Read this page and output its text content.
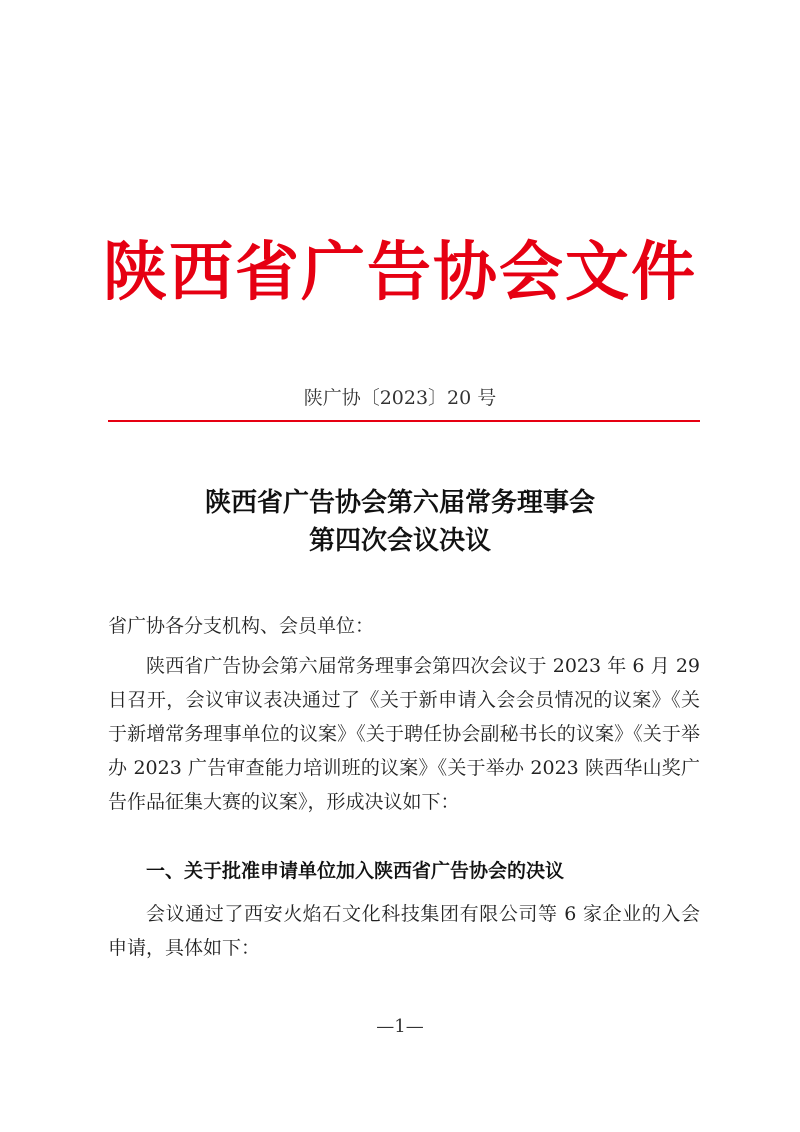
陕西省广告协会文件
陕广协〔2023〕20 号
陕西省广告协会第六届常务理事会
第四次会议决议
省广协各分支机构、会员单位：
陕西省广告协会第六届常务理事会第四次会议于 2023 年 6 月 29 日召开，会议审议表决通过了《关于新申请入会会员情况的议案》《关于新增常务理事单位的议案》《关于聘任协会副秘书长的议案》《关于举办 2023 广告审查能力培训班的议案》《关于举办 2023 陕西华山奖广告作品征集大赛的议案》，形成决议如下：
一、关于批准申请单位加入陕西省广告协会的决议
会议通过了西安火焰石文化科技集团有限公司等 6 家企业的入会申请，具体如下：
—1—
